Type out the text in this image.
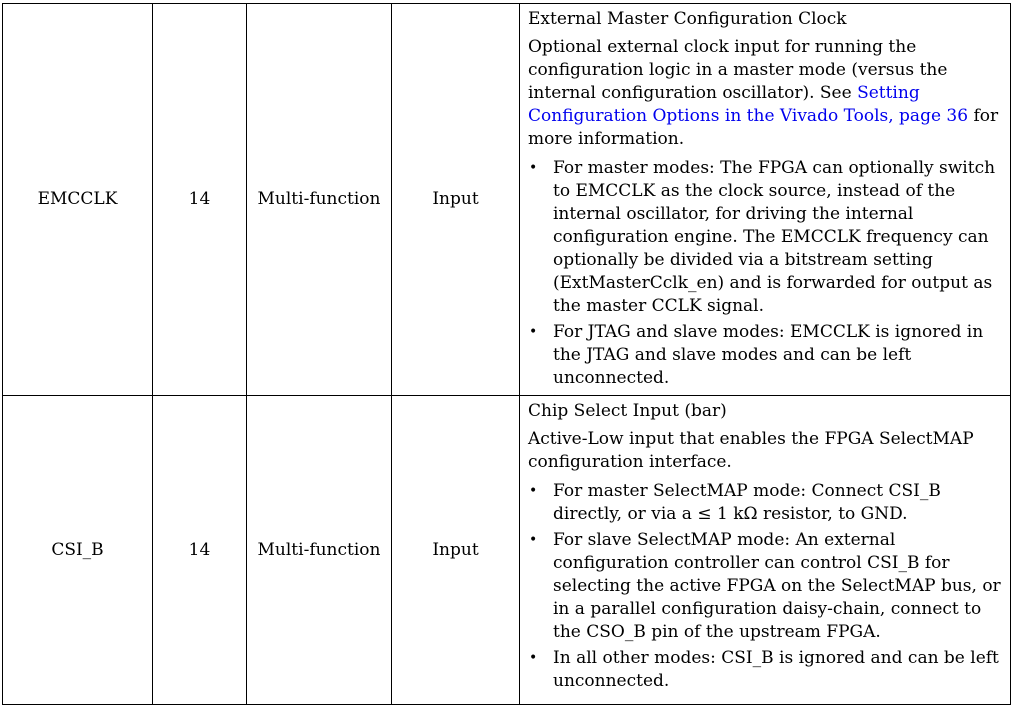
EMCCLK	14	Multi-function	Input	
External Master Configuration Clock
Optional external clock input for running the configuration logic in a master mode (versus the internal configuration oscillator). See Setting Configuration Options in the Vivado Tools, page 36 for more information.
• For master modes: The FPGA can optionally switch to EMCCLK as the clock source, instead of the internal oscillator, for driving the internal configuration engine. The EMCCLK frequency can optionally be divided via a bitstream setting (ExtMasterCclk_en) and is forwarded for output as the master CCLK signal.
• For JTAG and slave modes: EMCCLK is ignored in the JTAG and slave modes and can be left unconnected.

CSI_B	14	Multi-function	Input	
Chip Select Input (bar)
Active-Low input that enables the FPGA SelectMAP configuration interface.
• For master SelectMAP mode: Connect CSI_B directly, or via a ≤ 1 kΩ resistor, to GND.
• For slave SelectMAP mode: An external configuration controller can control CSI_B for selecting the active FPGA on the SelectMAP bus, or in a parallel configuration daisy-chain, connect to the CSO_B pin of the upstream FPGA.
• In all other modes: CSI_B is ignored and can be left unconnected.
